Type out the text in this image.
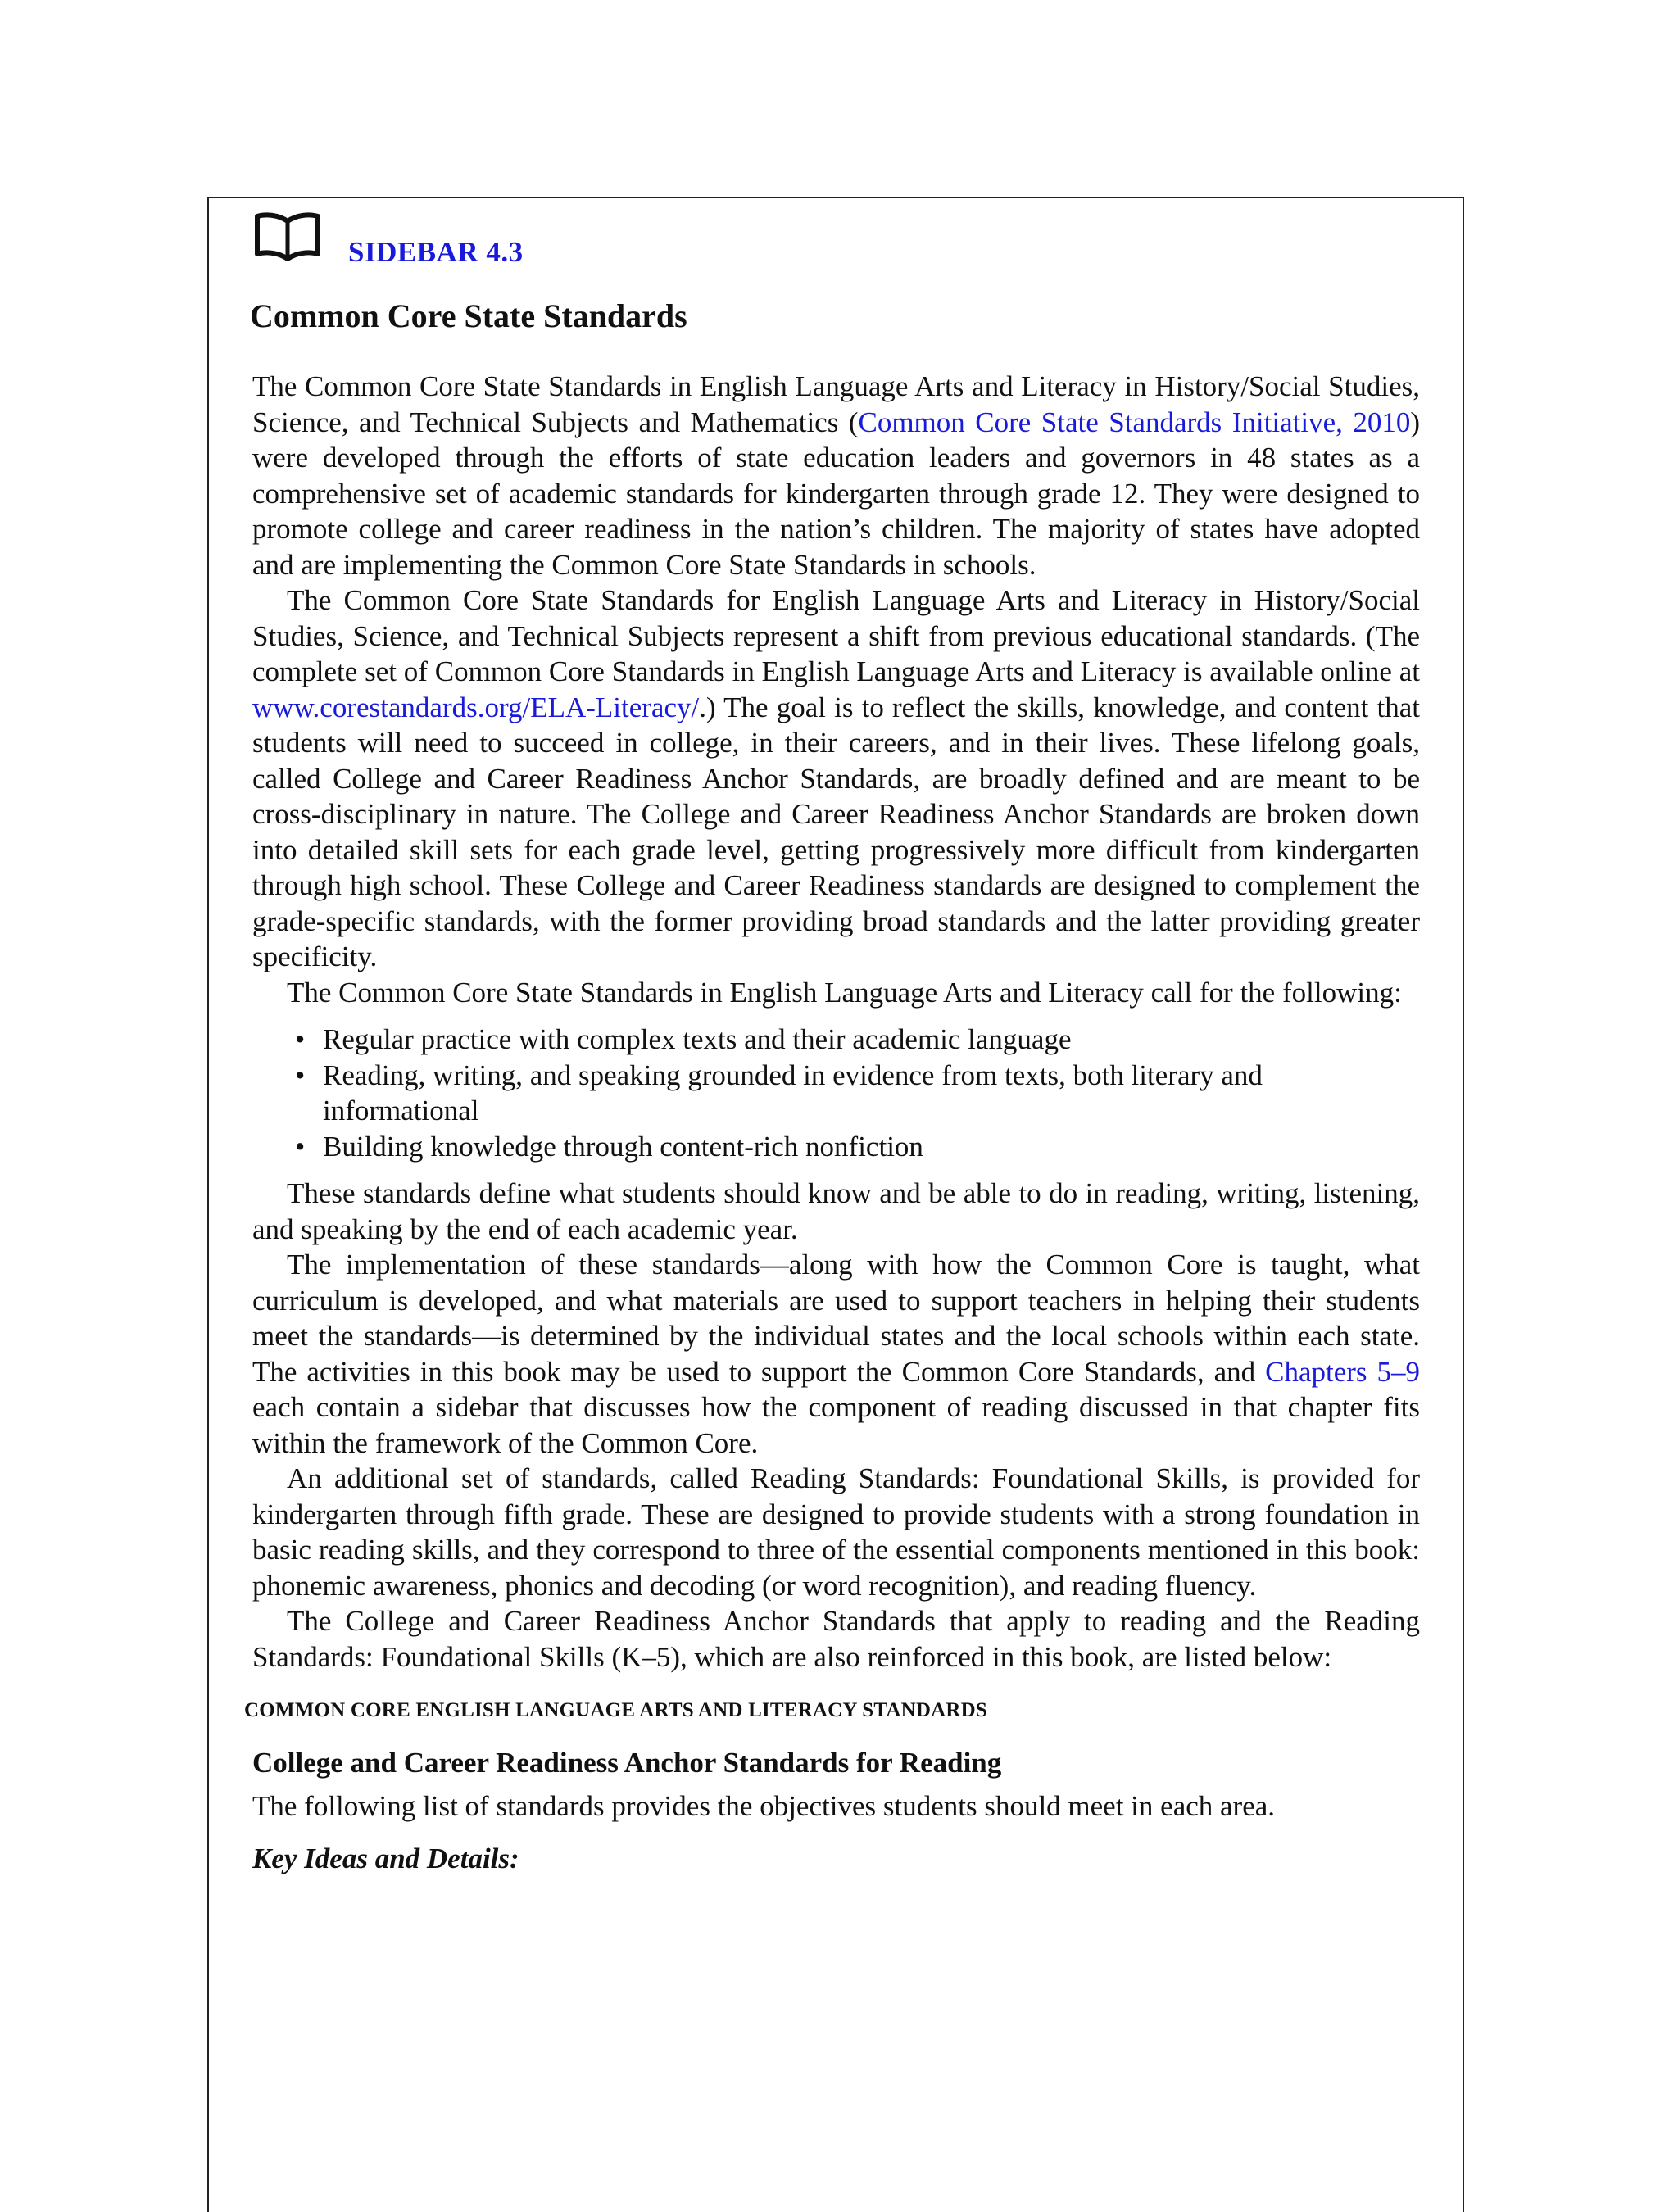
SIDEBAR 4.3
Common Core State Standards

The Common Core State Standards in English Language Arts and Literacy in History/Social Studies, Science, and Technical Subjects and Mathematics (Common Core State Standards Initiative, 2010) were developed through the efforts of state education leaders and governors in 48 states as a comprehensive set of academic standards for kindergarten through grade 12. They were designed to promote college and career readiness in the nation’s children. The majority of states have adopted and are implementing the Common Core State Standards in schools.

The Common Core State Standards for English Language Arts and Literacy in History/Social Studies, Science, and Technical Subjects represent a shift from previous educational standards. (The complete set of Common Core Standards in English Language Arts and Literacy is available online at www.corestandards.org/ELA-Literacy/.) The goal is to reflect the skills, knowledge, and content that students will need to succeed in college, in their careers, and in their lives. These lifelong goals, called College and Career Readiness Anchor Standards, are broadly defined and are meant to be cross-disciplinary in nature. The College and Career Readiness Anchor Standards are broken down into detailed skill sets for each grade level, getting progressively more difficult from kindergarten through high school. These College and Career Readiness standards are designed to complement the grade-specific standards, with the former providing broad standards and the latter providing greater specificity.

The Common Core State Standards in English Language Arts and Literacy call for the following:

• Regular practice with complex texts and their academic language
• Reading, writing, and speaking grounded in evidence from texts, both literary and informational
• Building knowledge through content-rich nonfiction

These standards define what students should know and be able to do in reading, writing, listening, and speaking by the end of each academic year.

The implementation of these standards—along with how the Common Core is taught, what curriculum is developed, and what materials are used to support teachers in helping their students meet the standards—is determined by the individual states and the local schools within each state. The activities in this book may be used to support the Common Core Standards, and Chapters 5–9 each contain a sidebar that discusses how the component of reading discussed in that chapter fits within the framework of the Common Core.

An additional set of standards, called Reading Standards: Foundational Skills, is provided for kindergarten through fifth grade. These are designed to provide students with a strong foundation in basic reading skills, and they correspond to three of the essential components mentioned in this book: phonemic awareness, phonics and decoding (or word recognition), and reading fluency.

The College and Career Readiness Anchor Standards that apply to reading and the Reading Standards: Foundational Skills (K–5), which are also reinforced in this book, are listed below:

COMMON CORE ENGLISH LANGUAGE ARTS AND LITERACY STANDARDS
College and Career Readiness Anchor Standards for Reading
The following list of standards provides the objectives students should meet in each area.
Key Ideas and Details:
